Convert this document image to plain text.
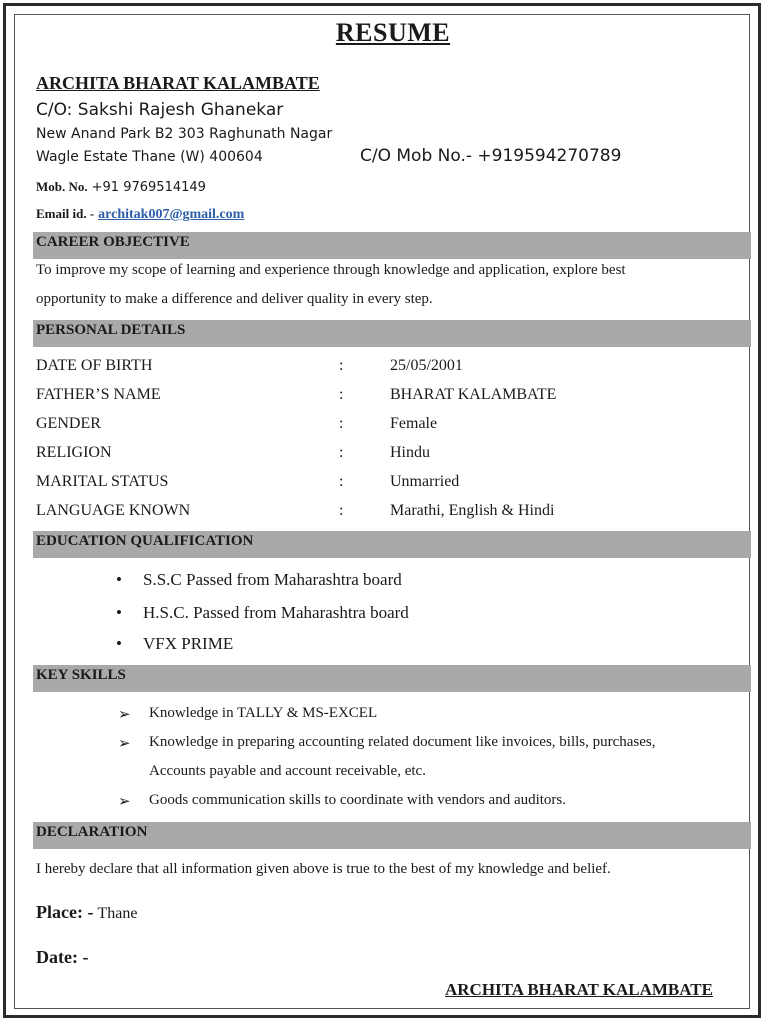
RESUME
ARCHITA BHARAT KALAMBATE
C/O: Sakshi Rajesh Ghanekar
New Anand Park B2 303 Raghunath Nagar
Wagle Estate Thane (W) 400604	C/O Mob No.- +919594270789
Mob. No. +91 9769514149
Email id. - architak007@gmail.com
CAREER OBJECTIVE
To improve my scope of learning and experience through knowledge and application, explore best
opportunity to make a difference and deliver quality in every step.
PERSONAL DETAILS
DATE OF BIRTH	:	25/05/2001
FATHER’S NAME	:	BHARAT KALAMBATE
GENDER	:	Female
RELIGION	:	Hindu
MARITAL STATUS	:	Unmarried
LANGUAGE KNOWN	:	Marathi, English & Hindi
EDUCATION QUALIFICATION
• S.S.C Passed from Maharashtra board
• H.S.C. Passed from Maharashtra board
• VFX PRIME
KEY SKILLS
➢ Knowledge in TALLY & MS-EXCEL
➢ Knowledge in preparing accounting related document like invoices, bills, purchases,
Accounts payable and account receivable, etc.
➢ Goods communication skills to coordinate with vendors and auditors.
DECLARATION
I hereby declare that all information given above is true to the best of my knowledge and belief.
Place: - Thane
Date: -
ARCHITA BHARAT KALAMBATE
